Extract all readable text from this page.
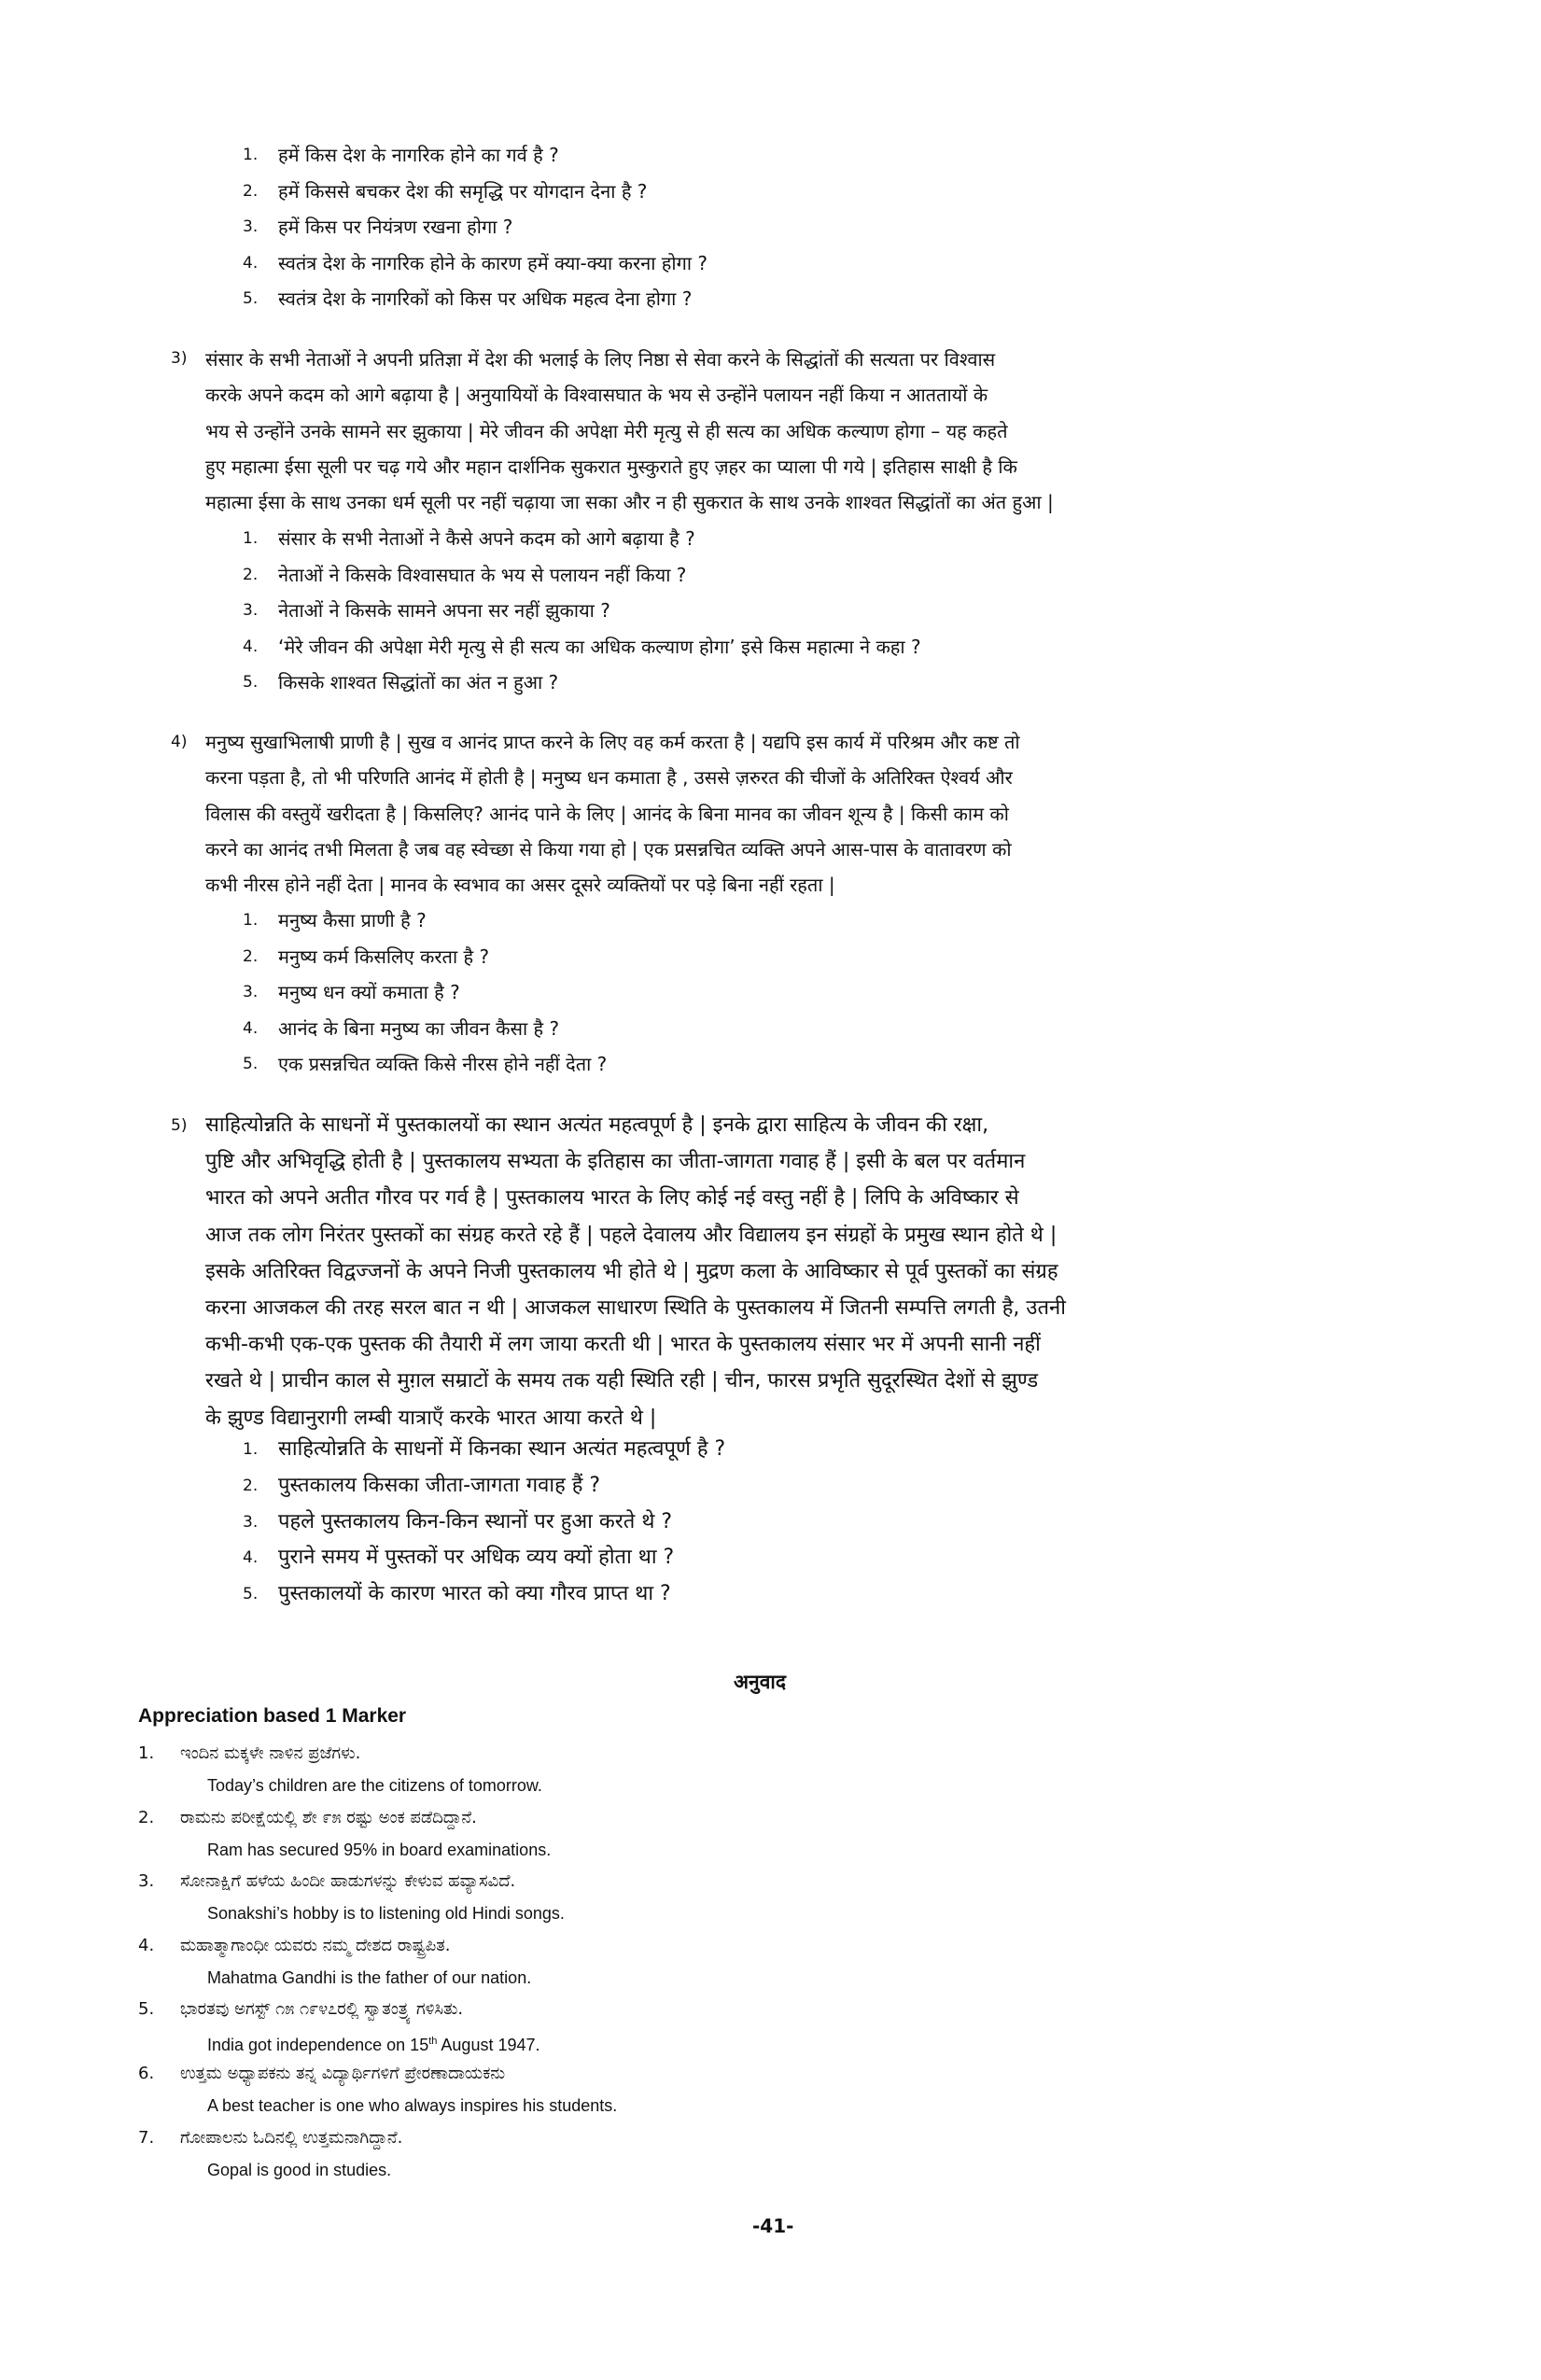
1.	हमें किस देश के नागरिक होने का गर्व है ?
2.	हमें किससे बचकर देश की समृद्धि पर योगदान देना है ?
3.	हमें किस पर नियंत्रण रखना होगा ?
4.	स्वतंत्र देश के नागरिक होने के कारण हमें क्या-क्या करना होगा ?
5.	स्वतंत्र देश के नागरिकों को किस पर अधिक महत्व देना होगा ?
3) संसार के सभी नेताओं ने अपनी प्रतिज्ञा में देश की भलाई के लिए निष्ठा से सेवा करने के सिद्धांतों की सत्यता पर विश्वास
करके अपने कदम को आगे बढ़ाया है | अनुयायियों के विश्वासघात के भय से उन्होंने पलायन नहीं किया न आततायों के
भय से उन्होंने उनके सामने सर झुकाया | मेरे जीवन की अपेक्षा मेरी मृत्यु से ही सत्य का अधिक कल्याण होगा – यह कहते
हुए महात्मा ईसा सूली पर चढ़ गये और महान दार्शनिक सुकरात मुस्कुराते हुए ज़हर का प्याला पी गये | इतिहास साक्षी है कि
महात्मा ईसा के साथ उनका धर्म सूली पर नहीं चढ़ाया जा सका और न ही सुकरात के साथ उनके शाश्वत सिद्धांतों का अंत हुआ |
1.	संसार के सभी नेताओं ने कैसे अपने कदम को आगे बढ़ाया है ?
2.	नेताओं ने किसके विश्वासघात के भय से पलायन नहीं किया ?
3.	नेताओं ने किसके सामने अपना सर नहीं झुकाया ?
4.	‘मेरे जीवन की अपेक्षा मेरी मृत्यु से ही सत्य का अधिक कल्याण होगा’ इसे किस महात्मा ने कहा ?
5.	किसके शाश्वत सिद्धांतों का अंत न हुआ ?
4) मनुष्य सुखाभिलाषी प्राणी है | सुख व आनंद प्राप्त करने के लिए वह कर्म करता है | यद्यपि इस कार्य में परिश्रम और कष्ट तो
करना पड़ता है, तो भी परिणति आनंद में होती है | मनुष्य धन कमाता है , उससे ज़रुरत की चीजों के अतिरिक्त ऐश्वर्य और
विलास की वस्तुयें खरीदता है | किसलिए? आनंद पाने के लिए | आनंद के बिना मानव का जीवन शून्य है | किसी काम को
करने का आनंद तभी मिलता है जब वह स्वेच्छा से किया गया हो | एक प्रसन्नचित व्यक्ति अपने आस-पास के वातावरण को
कभी नीरस होने नहीं देता | मानव के स्वभाव का असर दूसरे व्यक्तियों पर पड़े बिना नहीं रहता |
1.	मनुष्य कैसा प्राणी है ?
2.	मनुष्य कर्म किसलिए करता है ?
3.	मनुष्य धन क्यों कमाता है ?
4.	आनंद के बिना मनुष्य का जीवन कैसा है ?
5.	एक प्रसन्नचित व्यक्ति किसे नीरस होने नहीं देता ?
5) साहित्योन्नति के साधनों में पुस्तकालयों का स्थान अत्यंत महत्वपूर्ण है | इनके द्वारा साहित्य के जीवन की रक्षा,
पुष्टि और अभिवृद्धि होती है | पुस्तकालय सभ्यता के इतिहास का जीता-जागता गवाह हैं | इसी के बल पर वर्तमान
भारत को अपने अतीत गौरव पर गर्व है | पुस्तकालय भारत के लिए कोई नई वस्तु नहीं है | लिपि के अविष्कार से
आज तक लोग निरंतर पुस्तकों का संग्रह करते रहे हैं | पहले देवालय और विद्यालय इन संग्रहों के प्रमुख स्थान होते थे |
इसके अतिरिक्त विद्वज्जनों के अपने निजी पुस्तकालय भी होते थे | मुद्रण कला के आविष्कार से पूर्व पुस्तकों का संग्रह
करना आजकल की तरह सरल बात न थी | आजकल साधारण स्थिति के पुस्तकालय में जितनी सम्पत्ति लगती है, उतनी
कभी-कभी एक-एक पुस्तक की तैयारी में लग जाया करती थी | भारत के पुस्तकालय संसार भर में अपनी सानी नहीं
रखते थे | प्राचीन काल से मुग़ल सम्राटों के समय तक यही स्थिति रही | चीन, फारस प्रभृति सुदूरस्थित देशों से झुण्ड
के झुण्ड विद्यानुरागी लम्बी यात्राएँ करके भारत आया करते थे |
1. साहित्योन्नति के साधनों में किनका स्थान अत्यंत महत्वपूर्ण है ?
2. पुस्तकालय किसका जीता-जागता गवाह हैं ?
3. पहले पुस्तकालय किन-किन स्थानों पर हुआ करते थे ?
4. पुराने समय में पुस्तकों पर अधिक व्यय क्यों होता था ?
5. पुस्तकालयों के कारण भारत को क्या गौरव प्राप्त था ?
अनुवाद
Appreciation based 1 Marker
1. ಇಂದಿನ ಮಕ್ಕಳೇ ನಾಳಿನ ಪ್ರಜೆಗಳು.
Today’s children are the citizens of tomorrow.
2. ರಾಮನು ಪರೀಕ್ಷೆಯಲ್ಲಿ ಶೇ ೯೫ ರಷ್ಟು ಅಂಕ ಪಡೆದಿದ್ದಾನೆ.
Ram has secured 95% in board examinations.
3. ಸೋನಾಕ್ಷಿಗೆ ಹಳೆಯ ಹಿಂದೀ ಹಾಡುಗಳನ್ನು ಕೇಳುವ ಹವ್ಯಾಸವಿದೆ.
Sonakshi’s hobby is to listening old Hindi songs.
4. ಮಹಾತ್ಮಾಗಾಂಧೀ ಯವರು ನಮ್ಮ ದೇಶದ ರಾಷ್ಟ್ರಪಿತ.
Mahatma Gandhi is the father of our nation.
5. ಭಾರತವು ಅಗಸ್ಟ್ ೧೫ ೧೯೪೭ರಲ್ಲಿ ಸ್ವಾತಂತ್ರ್ಯ ಗಳಿಸಿತು.
India got independence on 15th August 1947.
6. ಉತ್ತಮ ಅಧ್ಯಾಪಕನು ತನ್ನ ವಿದ್ಯಾರ್ಥಿಗಳಿಗೆ ಪ್ರೇರಣಾದಾಯಕನು
A best teacher is one who always inspires his students.
7. ಗೋಪಾಲನು ಓದಿನಲ್ಲಿ ಉತ್ತಮನಾಗಿದ್ದಾನೆ.
Gopal is good in studies.
-41-
